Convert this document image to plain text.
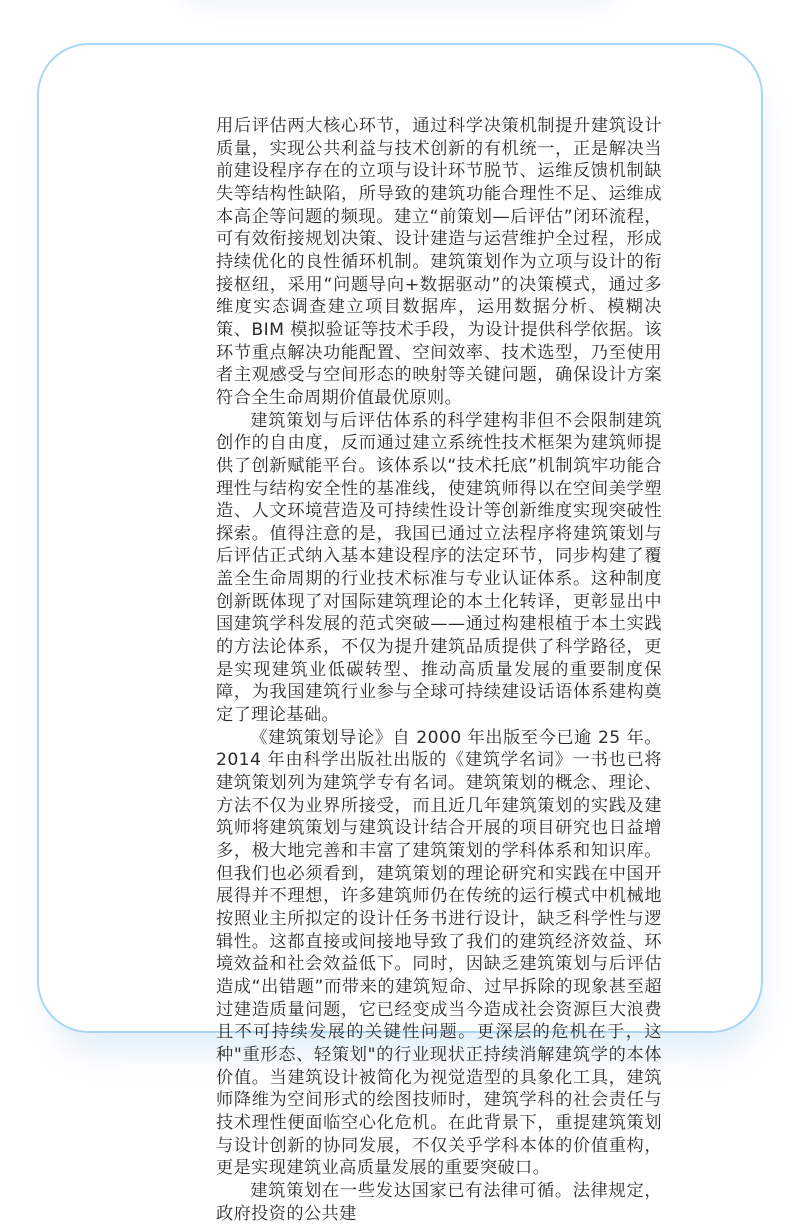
用后评估两大核心环节，通过科学决策机制提升建筑设计质量，实现公共利益与技术创新的有机统一，正是解决当前建设程序存在的立项与设计环节脱节、运维反馈机制缺失等结构性缺陷，所导致的建筑功能合理性不足、运维成本高企等问题的频现。建立“前策划—后评估”闭环流程，可有效衔接规划决策、设计建造与运营维护全过程，形成持续优化的良性循环机制。建筑策划作为立项与设计的衔接枢纽，采用“问题导向+数据驱动”的决策模式，通过多维度实态调查建立项目数据库，运用数据分析、模糊决策、BIM 模拟验证等技术手段，为设计提供科学依据。该环节重点解决功能配置、空间效率、技术选型，乃至使用者主观感受与空间形态的映射等关键问题，确保设计方案符合全生命周期价值最优原则。

建筑策划与后评估体系的科学建构非但不会限制建筑创作的自由度，反而通过建立系统性技术框架为建筑师提供了创新赋能平台。该体系以“技术托底”机制筑牢功能合理性与结构安全性的基准线，使建筑师得以在空间美学塑造、人文环境营造及可持续性设计等创新维度实现突破性探索。值得注意的是，我国已通过立法程序将建筑策划与后评估正式纳入基本建设程序的法定环节，同步构建了覆盖全生命周期的行业技术标准与专业认证体系。这种制度创新既体现了对国际建筑理论的本土化转译，更彰显出中国建筑学科发展的范式突破——通过构建根植于本土实践的方法论体系，不仅为提升建筑品质提供了科学路径，更是实现建筑业低碳转型、推动高质量发展的重要制度保障，为我国建筑行业参与全球可持续建设话语体系建构奠定了理论基础。

《建筑策划导论》自 2000 年出版至今已逾 25 年。2014 年由科学出版社出版的《建筑学名词》一书也已将建筑策划列为建筑学专有名词。建筑策划的概念、理论、方法不仅为业界所接受，而且近几年建筑策划的实践及建筑师将建筑策划与建筑设计结合开展的项目研究也日益增多，极大地完善和丰富了建筑策划的学科体系和知识库。但我们也必须看到，建筑策划的理论研究和实践在中国开展得并不理想，许多建筑师仍在传统的运行模式中机械地按照业主所拟定的设计任务书进行设计，缺乏科学性与逻辑性。这都直接或间接地导致了我们的建筑经济效益、环境效益和社会效益低下。同时，因缺乏建筑策划与后评估造成“出错题”而带来的建筑短命、过早拆除的现象甚至超过建造质量问题，它已经变成当今造成社会资源巨大浪费且不可持续发展的关键性问题。更深层的危机在于，这种"重形态、轻策划"的行业现状正持续消解建筑学的本体价值。当建筑设计被简化为视觉造型的具象化工具，建筑师降维为空间形式的绘图技师时，建筑学科的社会责任与技术理性便面临空心化危机。在此背景下，重提建筑策划与设计创新的协同发展，不仅关乎学科本体的价值重构，更是实现建筑业高质量发展的重要突破口。

建筑策划在一些发达国家已有法律可循。法律规定，政府投资的公共建
